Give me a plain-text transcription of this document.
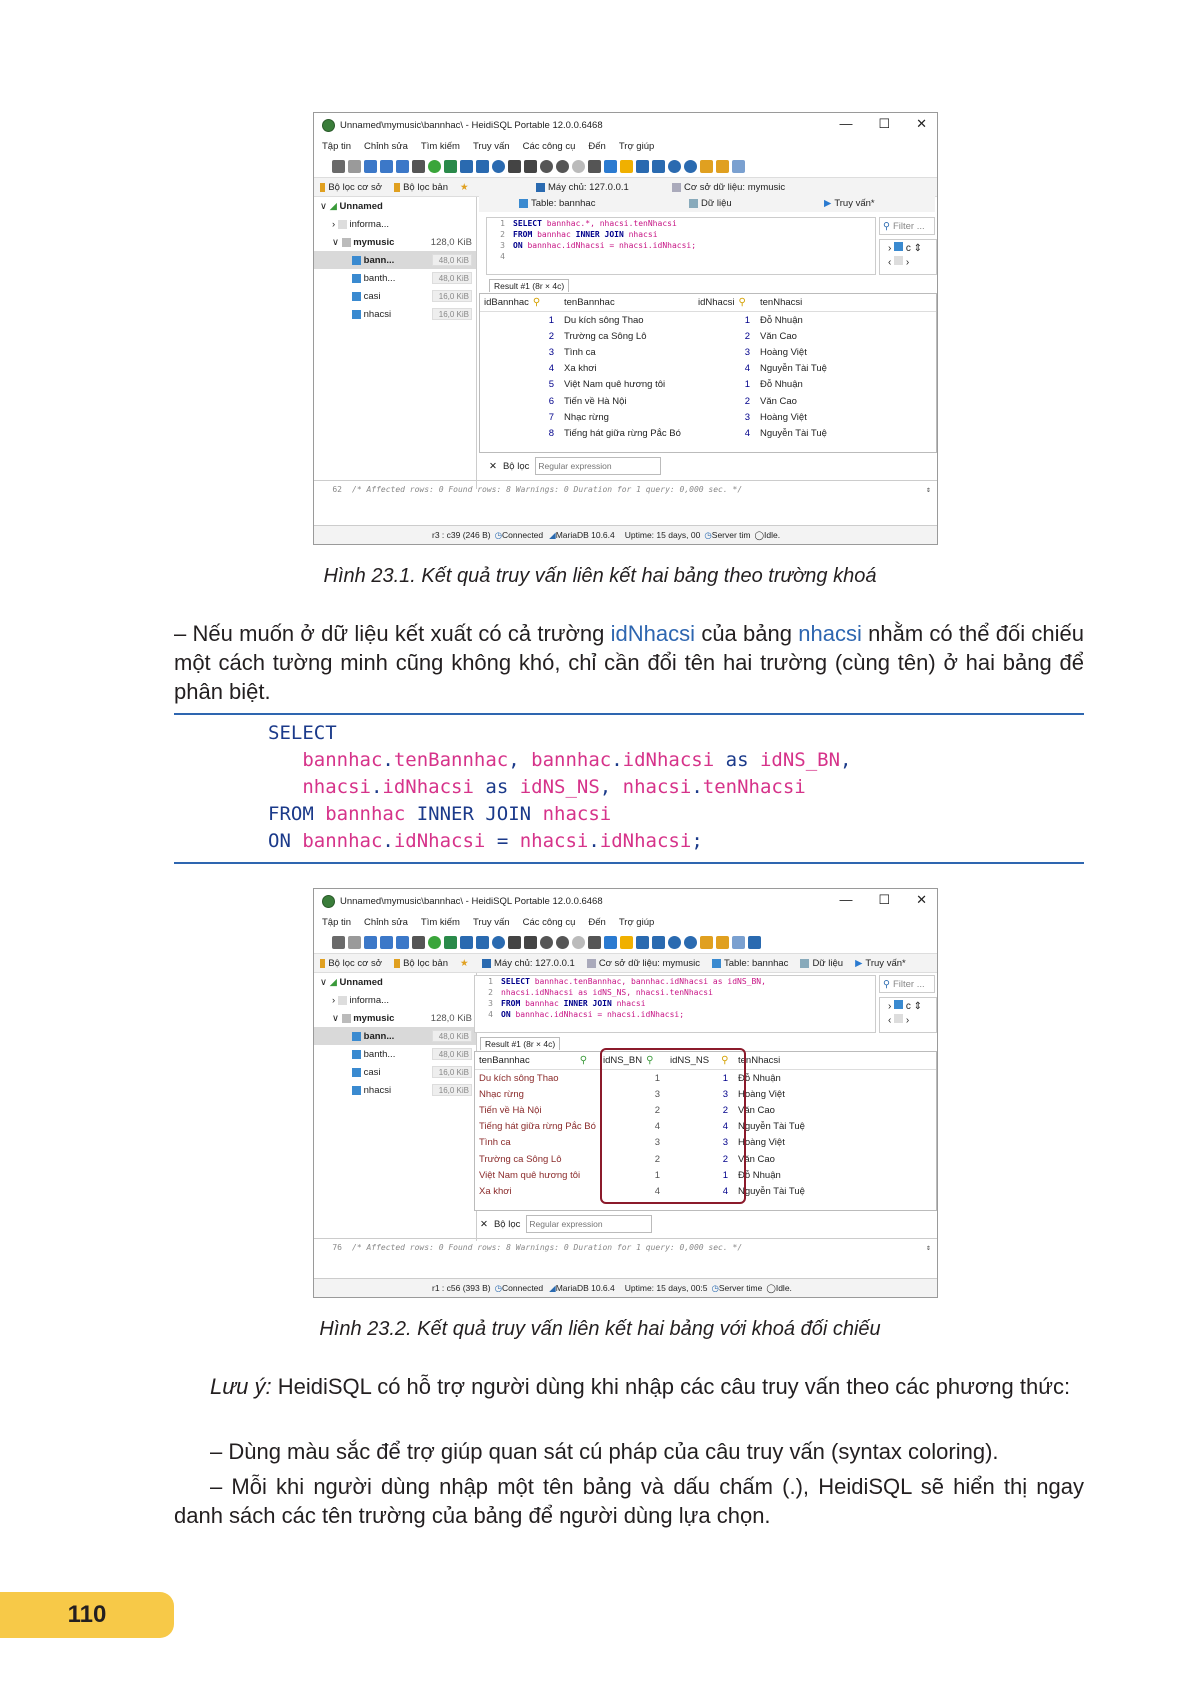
Unnamed\mymusic\bannhac\ - HeidiSQL Portable 12.0.0.6468	— ☐ ✕
Tập tin Chỉnh sửa Tìm kiếm Truy vấn Các công cụ Đến Trợ giúp
Bộ lọc cơ sở Bộ lọc bản ★	Máy chủ: 127.0.0.1	Cơ sở dữ liệu: mymusic
∨ ◢
Unnamed
›
informa...
∨
mymusic	128,0 KiB

bann...	48,0 KiB

banth...	48,0 KiB

casi	16,0 KiB

nhacsi	16,0 KiB
Table: bannhac	Dữ liệu	▶ Truy vấn*
1	SELECT bannhac.*, nhacsi.tenNhacsi
2	FROM bannhac INNER JOIN nhacsi
3	ON bannhac.idNhacsi = nhacsi.idNhacsi;
4
⚲ Filter ...
›  c ⇕
‹  ›
Result #1 (8r × 4c)
idBannhac ⚲	tenBannhac	idNhacsi ⚲	tenNhacsi
1	Du kích sông Thao	1	Đỗ Nhuận
2	Trường ca Sông Lô	2	Văn Cao
3	Tình ca	3	Hoàng Việt
4	Xa khơi	4	Nguyễn Tài Tuệ
5	Việt Nam quê hương tôi	1	Đỗ Nhuận
6	Tiến về Hà Nội	2	Văn Cao
7	Nhạc rừng	3	Hoàng Việt
8	Tiếng hát giữa rừng Pắc Bó	4	Nguyễn Tài Tuệ
✕ Bộ lọc
Regular expression
62	/* Affected rows: 0 Found rows: 8 Warnings: 0 Duration for 1 query: 0,000 sec. */	⇕
r3 : c39 (246 B) ◷ Connected ◢ MariaDB 10.6.4 Uptime: 15 days, 00 ◷ Server tim ◯ Idle.
Hình 23.1. Kết quả truy vấn liên kết hai bảng theo trường khoá
– Nếu muốn ở dữ liệu kết xuất có cả trường idNhacsi của bảng nhacsi nhằm có thể đối chiếu một cách tường minh cũng không khó, chỉ cần đổi tên hai trường (cùng tên) ở hai bảng để phân biệt.
SELECT
bannhac.tenBannhac, bannhac.idNhacsi as idNS_BN,
nhacsi.idNhacsi as idNS_NS, nhacsi.tenNhacsi
FROM bannhac INNER JOIN nhacsi
ON bannhac.idNhacsi = nhacsi.idNhacsi;
Unnamed\mymusic\bannhac\ - HeidiSQL Portable 12.0.0.6468	— ☐ ✕
Tập tin Chỉnh sửa Tìm kiếm Truy vấn Các công cụ Đến Trợ giúp
Bộ lọc cơ sở Bộ lọc bản ★	Máy chủ: 127.0.0.1	Cơ sở dữ liệu: mymusic	Table: bannhac	Dữ liệu ▶ Truy vấn*
∨ ◢
Unnamed
›
informa...
∨
mymusic	128,0 KiB

bann...	48,0 KiB

banth...	48,0 KiB

casi	16,0 KiB

nhacsi	16,0 KiB
1	SELECT bannhac.tenBannhac, bannhac.idNhacsi as idNS_BN,
2	nhacsi.idNhacsi as idNS_NS, nhacsi.tenNhacsi
3	FROM bannhac INNER JOIN nhacsi
4	ON bannhac.idNhacsi = nhacsi.idNhacsi;
⚲ Filter ...
›  c ⇕
‹  ›
Result #1 (8r × 4c)
tenBannhac	⚲	idNS_BN ⚲	idNS_NS ⚲	tenNhacsi
Du kích sông Thao	1	1	Đỗ Nhuận
Nhạc rừng	3	3	Hoàng Việt
Tiến về Hà Nội	2	2	Văn Cao
Tiếng hát giữa rừng Pắc Bó	4	4	Nguyễn Tài Tuệ
Tình ca	3	3	Hoàng Việt
Trường ca Sông Lô	2	2	Văn Cao
Việt Nam quê hương tôi	1	1	Đỗ Nhuận
Xa khơi	4	4	Nguyễn Tài Tuệ
✕ Bộ lọc
Regular expression
76	/* Affected rows: 0 Found rows: 8 Warnings: 0 Duration for 1 query: 0,000 sec. */	⇕
r1 : c56 (393 B) ◷ Connected ◢ MariaDB 10.6.4 Uptime: 15 days, 00:5 ◷ Server time ◯ Idle.
Hình 23.2. Kết quả truy vấn liên kết hai bảng với khoá đối chiếu
Lưu ý: HeidiSQL có hỗ trợ người dùng khi nhập các câu truy vấn theo các phương thức:
– Dùng màu sắc để trợ giúp quan sát cú pháp của câu truy vấn (syntax coloring).
– Mỗi khi người dùng nhập một tên bảng và dấu chấm (.), HeidiSQL sẽ hiển thị ngay danh sách các tên trường của bảng để người dùng lựa chọn.
110
